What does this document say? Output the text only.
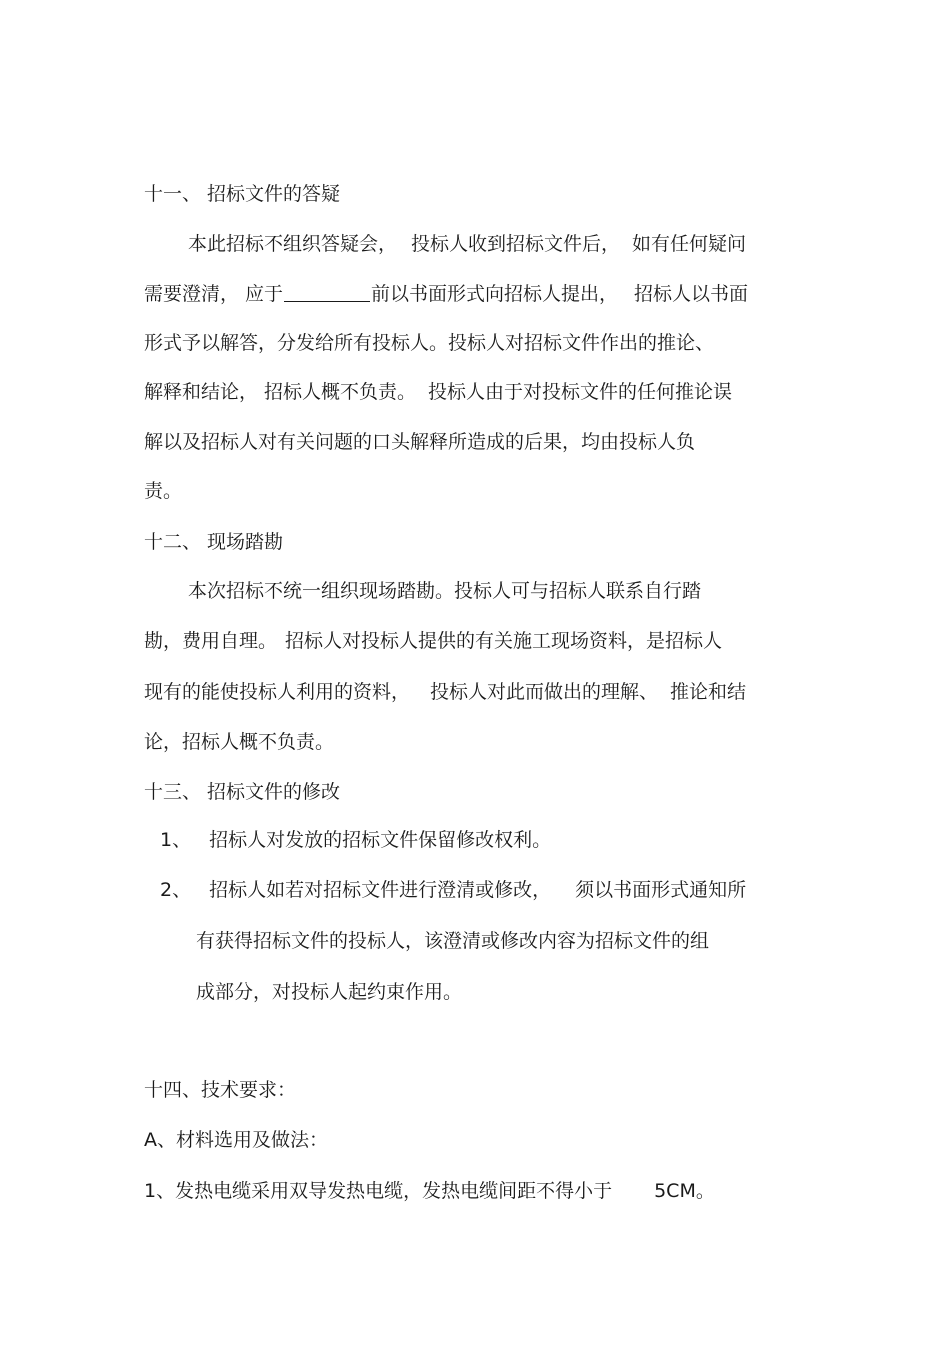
十一、 招标文件的答疑
本此招标不组织答疑会， 投标人收到招标文件后， 如有任何疑问
需要澄清， 应于	前以书面形式向招标人提出， 招标人以书面
形式予以解答，分发给所有投标人。投标人对招标文件作出的推论、
解释和结论， 招标人概不负责。 投标人由于对投标文件的任何推论误
解以及招标人对有关问题的口头解释所造成的后果，均由投标人负
责。
十二、 现场踏勘
本次招标不统一组织现场踏勘。投标人可与招标人联系自行踏
勘，费用自理。 招标人对投标人提供的有关施工现场资料，是招标人
现有的能使投标人利用的资料， 投标人对此而做出的理解、 推论和结
论，招标人概不负责。
十三、 招标文件的修改
1、 招标人对发放的招标文件保留修改权利。
2、 招标人如若对招标文件进行澄清或修改， 须以书面形式通知所
有获得招标文件的投标人，该澄清或修改内容为招标文件的组
成部分，对投标人起约束作用。
十四、技术要求：
A、材料选用及做法：
1、发热电缆采用双导发热电缆，发热电缆间距不得小于 5CM。
